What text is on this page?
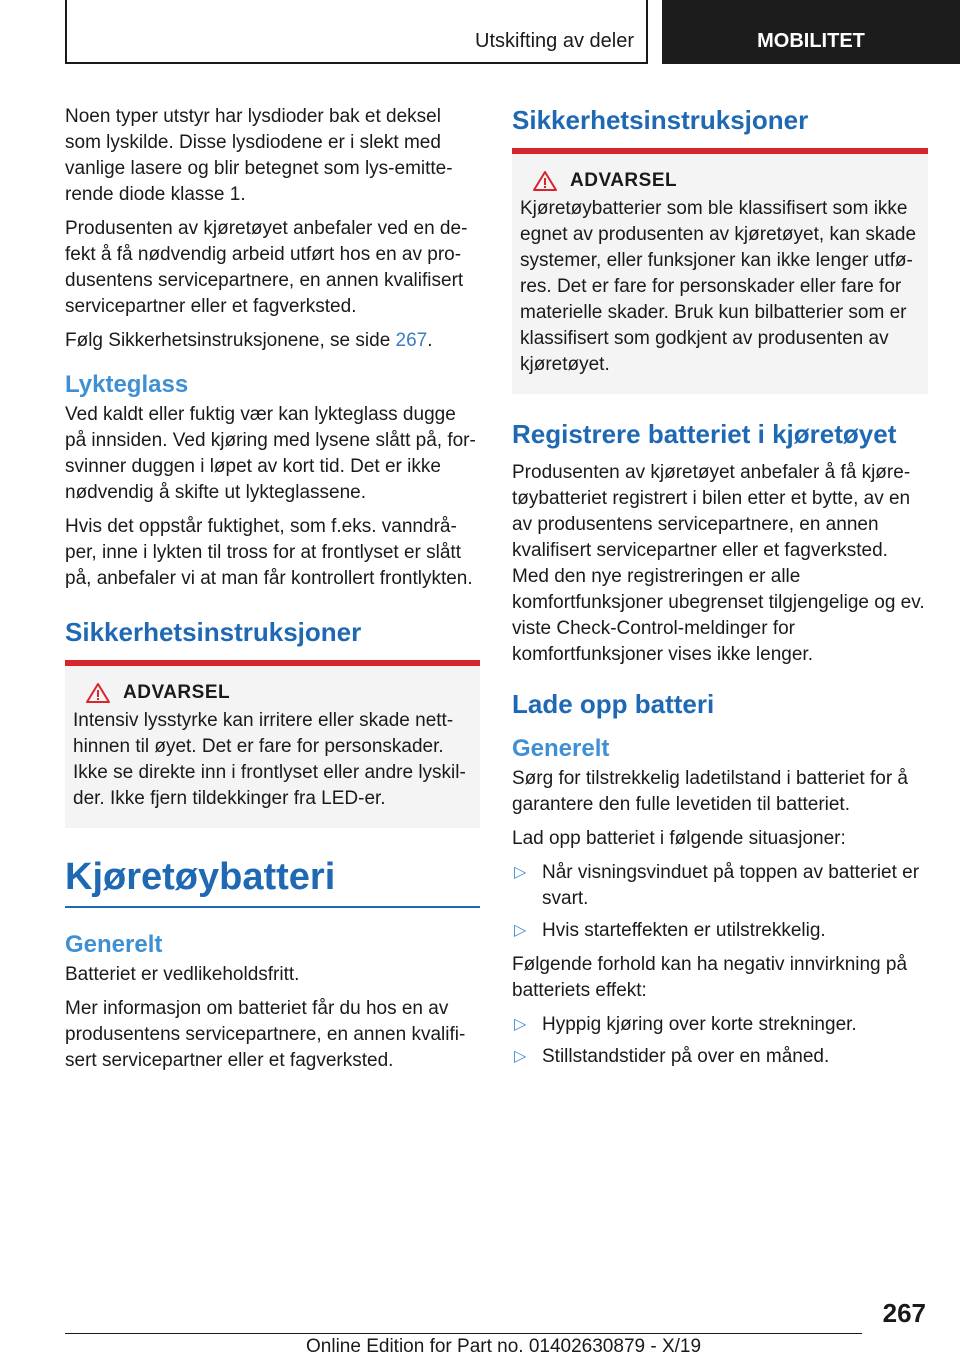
Utskifting av deler	MOBILITET

Noen typer utstyr har lysdioder bak et deksel som lyskilde. Disse lysdiodene er i slekt med vanlige lasere og blir betegnet som lys-emitterende diode klasse 1.

Produsenten av kjøretøyet anbefaler ved en defekt å få nødvendig arbeid utført hos en av produsentens servicepartnere, en annen kvalifisert servicepartner eller et fagverksted.

Følg Sikkerhetsinstruksjonene, se side 267.

Lykteglass

Ved kaldt eller fuktig vær kan lykteglass dugge på innsiden. Ved kjøring med lysene slått på, forsvinner duggen i løpet av kort tid. Det er ikke nødvendig å skifte ut lykteglassene.

Hvis det oppstår fuktighet, som f.eks. vanndråper, inne i lykten til tross for at frontlyset er slått på, anbefaler vi at man får kontrollert frontlykten.

Sikkerhetsinstruksjoner
ADVARSEL

Intensiv lysstyrke kan irritere eller skade netthinnen til øyet. Det er fare for personskader. Ikke se direkte inn i frontlyset eller andre lyskilder. Ikke fjern tildekkinger fra LED-er.

Kjøretøybatteri
Generelt

Batteriet er vedlikeholdsfritt.

Mer informasjon om batteriet får du hos en av produsentens servicepartnere, en annen kvalifisert servicepartner eller et fagverksted.

Sikkerhetsinstruksjoner
ADVARSEL

Kjøretøybatterier som ble klassifisert som ikke egnet av produsenten av kjøretøyet, kan skade systemer, eller funksjoner kan ikke lenger utføres. Det er fare for personskader eller fare for materielle skader. Bruk kun bilbatterier som er klassifisert som godkjent av produsenten av kjøretøyet.

Registrere batteriet i kjøretøyet

Produsenten av kjøretøyet anbefaler å få kjøretøybatteriet registrert i bilen etter et bytte, av en av produsentens servicepartnere, en annen kvalifisert servicepartner eller et fagverksted. Med den nye registreringen er alle komfortfunksjoner ubegrenset tilgjengelige og ev. viste Check-Control-meldinger for komfortfunksjoner vises ikke lenger.

Lade opp batteri
Generelt

Sørg for tilstrekkelig ladetilstand i batteriet for å garantere den fulle levetiden til batteriet.

Lad opp batteriet i følgende situasjoner:

▷ Når visningsvinduet på toppen av batteriet er svart.
▷ Hvis starteffekten er utilstrekkelig.

Følgende forhold kan ha negativ innvirkning på batteriets effekt:

▷ Hyppig kjøring over korte strekninger.
▷ Stillstandstider på over en måned.
267
Online Edition for Part no. 01402630879 - X/19
